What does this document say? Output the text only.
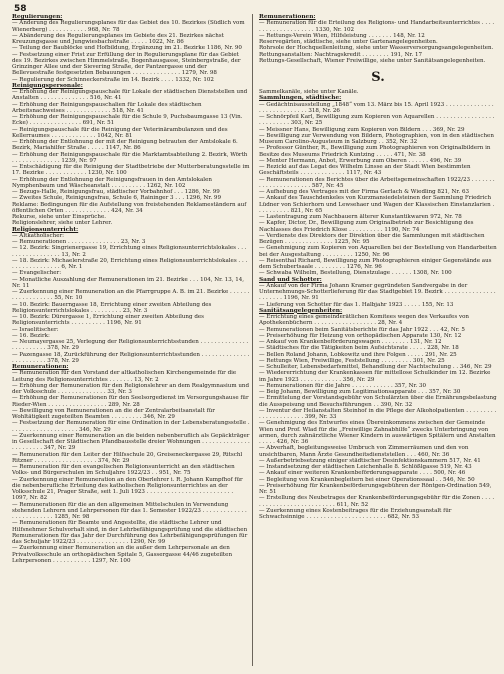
58

Regulierungen:

— Änderung des Regulierungsplanes für das Gebiet des 10. Bezirkes (Südlich vom Wienerberg) . . . . . . . . . . . 968, Nr. 78

— Abänderung des Regulierungsplanes im Gebiete des 21. Bezirkes nächst Kreuzungsgasse und Jungwiesbachstraße . . . . . 1022, Nr. 86

— Teilung der Baublöcke und Hofbildung, Ergänzung im 21. Bezirke 1186, Nr. 90

— Festsetzung einer Frist zur Erfüllung der in Regulierungsplane für das Gebiet des 19. Bezirkes zwischen Himmelstraße, Bogenhausgasse, Steinbergstraße, der Grinzinger Allee und der Sievering Straße, der Pantzergasse und der Bellevuestraße festgesetzten Bebauungen . . . . . . . . . . . . . . 1279, Nr. 98

— Regulierung der Schinneckerstraße im 14. Bezirk . . . . 1332, Nr. 102

Reinigungspersonale:

— Erhöhung der Reinigungspauschale für Lokale der städtischen Dienststellen und Anstalten . . . . . . . . . . . . . . 516, Nr. 41

— Erhöhung der Reinigungspauschalien für Lokale des städtischen Arbeitsnachweises . . . . . . . . . . . . . 518, Nr. 41

— Erhöhung der Reinigungspauschale für die Schule 9, Puchsbaumgasse 13 (Vin. Ecke) . . . . . . . . . . . . . . . 691, Nr. 51

— Reinigungspauschale für die Reinigung der Veterinärambulanzen und des Kellerraumes . . . . . . . . . . . . . 1042, Nr. 81

— Erhöhung der Entlohnung der mit der Reinigung betrauten der Amtslokale 6. Bezirk, Mariahilfer Straße . . . . . 1147, Nr. 86

— Erhöhung der Reinigungspauschale für die Marktamtsabteilung 2. Bezirk, Wörth . . . . . . . . . . . . . . 1239, Nr. 97

— Entschädigung für die Reinigung der Stadtbetriebe der Mutterberatungsstelle im 17. Bezirke . . . . . . . . . . . . 1230, Nr. 100

— Erhöhung der Entlohnung der Reinigungsfrauen in den Amtslokalen Nymphenbaum und Wäscheanstalt . . . . . . . . . . 1262, Nr. 102

— Bezugs-Halle, Reinigungsfrau, städtischer Vorbahnhof . . . 1286, Nr. 99

— Zweites Schule, Reinigungsfrau, Schule 6, Raininger 3 . . . 1296, Nr. 99

Reklame: Bedingungen für die Aufstellung von freistehenden Reklameständern auf öffentlichen Orten . . . . . . . . . . . . . 424, Nr. 34

Rekurse, siehe unter Einsprüche.

Religionslehrer, siehe unter Lehrer.

Religionsunterricht:

— Altkatholischer:

— Remunerationen . . . . . . . . . . . . . . . 23, Nr. 3

— 12. Bezirk: Singrienergasse 19, Errichtung eines Religionsunterrichtslokales . . . . . . . . . . . . . . . . . 13, Nr. 2

— 18. Bezirk: Michaelerstraße 20, Errichtung eines Religionsunterrichtslokales . . . . . . . . . . . . . . . . . 6, Nr. 1

— Evangelischer:

— Monatliche Auszahlung der Remunerationen im 21. Bezirke . . . 104, Nr. 13, 14, Nr. 11

— Zuerkennung einer Remuneration an die Pfarrgruppe A. B. im 21. Bezirke . . . . . . . . . . . . . . . . . . 55, Nr. 10

— 10. Bezirk: Bauerngasse 18, Errichtung einer zweiten Abteilung des Religionsunterrichtslokales . . . . . . . . . 23, Nr. 3

— 10. Bezirk: Dürergasse 1, Errichtung einer zweiten Abteilung des Religionsunterrichts . . . . . . . . . . 1196, Nr. 91

— Israelitischer:

— 16. Bezirk:

— Neumayergasse 25, Verlegung der Religionsunterrichtsstunden . . . . . . . . . . . . . . . . . . . . . . . . 378, Nr. 29

— Pazengasse 18, Zurückführung der Religionsunterrichtsstunden . . . . . . . . . . . . . . . . . . . . . . . . 378, Nr. 29

Remunerationen:

— Remuneration für den Vorstand der altkatholischen Kirchengemeinde für die Leitung des Religionsunterrichtes . . . . . . . 13, Nr. 2

— Erhöhung der Remuneration für den Religionslehrer an dem Realgymnasium und der Volksschule . . . . . . . . . . . . . . 33, Nr. 3

— Erhöhung der Remunerationen für den Seelsorgedienst im Versorgungshause für Rieder-Wien . . . . . . . . . . . . . . . . . 289, Nr. 28

— Bewilligung von Remunerationen an die der Zentralarbeitsanstalt für Wohltätigkeit zugeteilten Beamten . . . . . . . . . 346, Nr. 29

— Festsetzung der Remuneration für eine Ordination in der Lebensberatungsstelle . . . . . . . . . . . . . . . . . . . . 346, Nr. 29

— Zuerkennung einer Remuneration an die beiden nebenberuflich als Gepäckträger in Gesellschaft der Städtischen Pfandbausstelle dreier Wohnungen . . . . . . . . . . . . . . . . . . . . . . . 347, Nr. 29

— Remuneration für den Leiter der Hilfsschule 20, Greiseneckergasse 29, Ritschl Ritzner . . . . . . . . . . . . . . . . . . 374, Nr. 29

— Remuneration für den evangelischen Religionsunterricht an den städtischen Volks- und Bürgerschulen im Schuljahre 1922/23 . . 951, Nr. 75

— Zuerkennung einer Remuneration an den Oberlehrer i. R. Johann Kumpfhof für die nebenberufliche Erteilung des katholischen Religionsunterrichtes an der Volksschule 21, Prager Straße, seit 1. Juli 1923 . . . . . . . . . . . . . . . . . . . . . . . . . 1097, Nr. 82

— Remunerationen für die an den allgemeinen Mittelschulen in Verwendung stehenden Lehrern und Lehrpersonen für das 1. Semester 1922/23 . . . . . . . . . . . . . . . . . . . . . . . . . 1285, Nr. 98

— Remunerationen für Beamte und Angestellte, die städtische Lehrer und Hilfsnehmer Schulvorhalt sind, in der Lehrbefähigungsprüfung und die städtischen Remunerationen für das Jahr der Durchführung des Lehrbefähigungsprüfungen für das Schuljahr 1922/23 . . . . . . . . . . . . . . . 1290, Nr. 99

— Zuerkennung einer Remuneration an die außer dem Lehrpersonale an den Privatvolksschule an orthopädischen Spitale 5, Gassergasse 44/46 zugeteilten Lehrpersonen . . . . . . . . . . . 1297, Nr. 100

Remunerationen:

— Remuneration für die Erteilung des Religions- und Handarbeitsunterrichtes . . . . . . . . . . . . . . . . . . . . 1330, Nr. 102

— Rettungs-Verein Wien, Hilfsleistung . . . . . . . 148, Nr. 12

Reservegärten, städtische, siehe unter Gartenangelegenheiten.

Rohrsole der Hochquellenleitung, siehe unter Wasserversorgungsangelegenheiten.

Rettungsanstalten: Nachtragskredit . . . . . . . . 191, Nr. 17

Rettungs-Gesellschaft, Wiener Freiwillige, siehe unter Sanitätsangelegenheiten.

S.

Sammelkanäle, siehe unter Kanäle.

Sammlungen, städtische:

— Gedächtnisausstellung „1848“ vom 13. März bis 15. April 1923 . . . . . . . . . . . . . . . . . . . . . . . . . . . . 318, Nr. 26

— Schnörpfeil Karl, Bewilligung zum Kopieren von Aquarellen . . . . . . . . . . . . . . . . . . . . . . . . . . 303, Nr. 25

— Meissner Hans, Bewilligung zum Kopieren von Bildern . . . 369, Nr. 29

— Bewilligung zur Verwendung von Bildern, Photographien, von in den städtischen Museum Carolino-Augusteum in Salzburg . . 352, Nr. 32

— Professor Günther, R., Bewilligung zum Photographieren von Originalbildern in Besitze des Museums Friedrich Kuntzing . . . . . 471, Nr. 38

— Menter Hermann, Anbot, Erwerbung zum Oberen . . . . . . 496, Nr. 39

— Rezicki auf das Legat des Wilhelm Linsse an der Stadt Wien bestimmten Geschäftsteils . . . . . . . . . . . . . 1117, Nr. 43

— Remunerationen des Berichtes über die Arbeitsgemeinschaften 1922/23 . . . . . . . . . . . . . . . . . . . . . . 587, Nr. 45

— Aufhebung des Vertrages mit der Firma Gerlach & Wiedling 821, Nr. 63

— Ankauf des Tauschdenkeles von Kurzmansiedelsteinen der Sammlung Friedrich Lüdner von Schierhorn und Lewsehaer und Wagen der Klassischen Einstanzlarien . . . . . . . . . . 821, Nr. 65

— Lastentragung zum Nachbauern älterer Kunstantikwaren 972, Nr. 78

— Kapfer, Dictor, Dr., Bewilligung zum Originalbetrieb zur Besichtigung des Nachlasses des Friedrich Klose . . . . . . . . . . 1190, Nr. 74

— Verdienste des Direktors der Direktion über die Sammlungen mit städtischen Bezügen . . . . . . . . . . . . . . 1225, Nr. 95

— Genehmigung zum Kopieren von Aquarellen bei der Bestellung von Handarbeiten bei der Ausgestaltung . . . . . . . . . 1250, Nr. 96

— Reisenthal Richard, Bewilligung zum Photographieren einiger Gegenstände aus dem Schubertsaale . . . . . . . . . 1276, Nr. 96

— Schwaba Wilhelm, Bestellung, Dienstzulage . . . . . . 1308, Nr. 100

Sand und Schotter:

— Ankauf von der Firma Johann Kramer gegründeten Sandvergabe in der Unternehmungs-Schotterlieferung für das Stadtgebiet 19. Bezirk . . . . . . . . . . . . . . . . . . . . . . 1196, Nr. 91

— Lieferung von Schotter für das 1. Halbjahr 1923 . . . . . 155, Nr. 13

Sanitätsangelegenheiten:

— Errichtung eines gemeinderätlichen Komitees wegen des Verkaufes von Apothekenbüchern . . . . . . . . . . . . . . . . . . 28, Nr. 4

— Remunerationen beim Sanitätsberichte für das Jahr 1922 . . . 42, Nr. 5

— Preiserhöhung für Heizung von orthopädischen Apparate 130, Nr. 12

— Ankauf von Krankenbeförderungswagen . . . . . . . . 131, Nr. 12

— Städtisches für die Tätigkeiten beim Aufsichtsrate . . . . . 228, Nr. 18

— Bellen Roland Johann, Lobkowitz und ihre Folgen . . . . . 291, Nr. 25

— Rettungs Wien, Freiwillige, Feststellung . . . . . . . . . 301, Nr. 25

— Schulleiter, Lebensbedarfsmittel, Behandlung der Nachtschulung . . 346, Nr. 29

— Wiedererrichtung der Krankenkassen für mittellose Schulkinder im 12. Bezirke im Jahre 1923 . . . . . . . . . . . . 356, Nr. 29

— Remunerationen für die Jahre . . . . . . . . . . . . 357, Nr. 30

— Beig Johann, Bewilligung zum Legitimationsapparate . . . 357, Nr. 30

— Ermittelung der Vorstandsgebühr von Schulärzten über die Ernährungsbelastung die Ausspeisung und Besuchsführungen . . 390, Nr. 32

— Inventur der Heilanstalten Steinhof in die Pflege der Alkoholpatienten . . . . . . . . . . . . . . . . . . . . . . 399, Nr. 33

— Genehmigung des Entwurfes eines Übereinkommens zwischen der Gemeinde Wien und Prof. Wlad für die „Freiwillige Zahnabhilfe“ zwecks Unterbringung von armen, durch zahnärztliche Wiener Kindern in auswärtigen Spitälern und Anstalten . . . . . 426, Nr. 36

— Abverhaft, begleitungsweise Umbruch von Zimmerräumen und den von unsichtbaren, Mann Ärzte Gesundheitsdienststellen . . . 460, Nr. 36

— Außerbetriebsetzung einiger städtischer Desinfektionskammern 517, Nr. 41

— Instandsetzung der städtischen Leichenhalle 8. Schlößlgasse 519, Nr. 43

— Ankauf einer weiteren Krankenbeförderungsapparate . . . . 500, Nr. 46

— Begleitung von Krankenbegleitern bei einer Operationssaal . . 546, Nr. 50

— Preiserhöhung für Krankenbeförderungsgebühren der Röntgen-Ordination 549, Nr. 51

— Erstellung des Neubetrages der Krankenbeförderungsgebühr für die Zonen . . . . . . . . . . . . . . . . . . . . . . . . . . 611, Nr. 52

— Zuerkennung eines Kostenbeitrages für die Erziehungsanstalt für Schwachsinnige . . . . . . . . . . . . . . . . . . . . . . . 682, Nr. 53
